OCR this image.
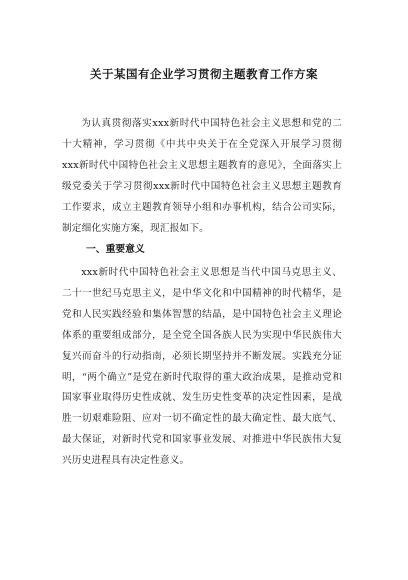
关于某国有企业学习贯彻主题教育工作方案

为认真贯彻落实xxx新时代中国特色社会主义思想和党的二十大精神，学习贯彻《中共中央关于在全党深入开展学习贯彻xxx新时代中国特色社会主义思想主题教育的意见》，全面落实上级党委关于学习贯彻xxx新时代中国特色社会主义思想主题教育工作要求，成立主题教育领导小组和办事机构，结合公司实际，制定细化实施方案，现汇报如下。

一、重要意义

xxx新时代中国特色社会主义思想是当代中国马克思主义、二十一世纪马克思主义，是中华文化和中国精神的时代精华，是党和人民实践经验和集体智慧的结晶，是中国特色社会主义理论体系的重要组成部分，是全党全国各族人民为实现中华民族伟大复兴而奋斗的行动指南，必须长期坚持并不断发展。实践充分证明，“两个确立”是党在新时代取得的重大政治成果，是推动党和国家事业取得历史性成就、发生历史性变革的决定性因素，是战胜一切艰难险阻、应对一切不确定性的最大确定性、最大底气、最大保证，对新时代党和国家事业发展、对推进中华民族伟大复兴历史进程具有决定性意义。
